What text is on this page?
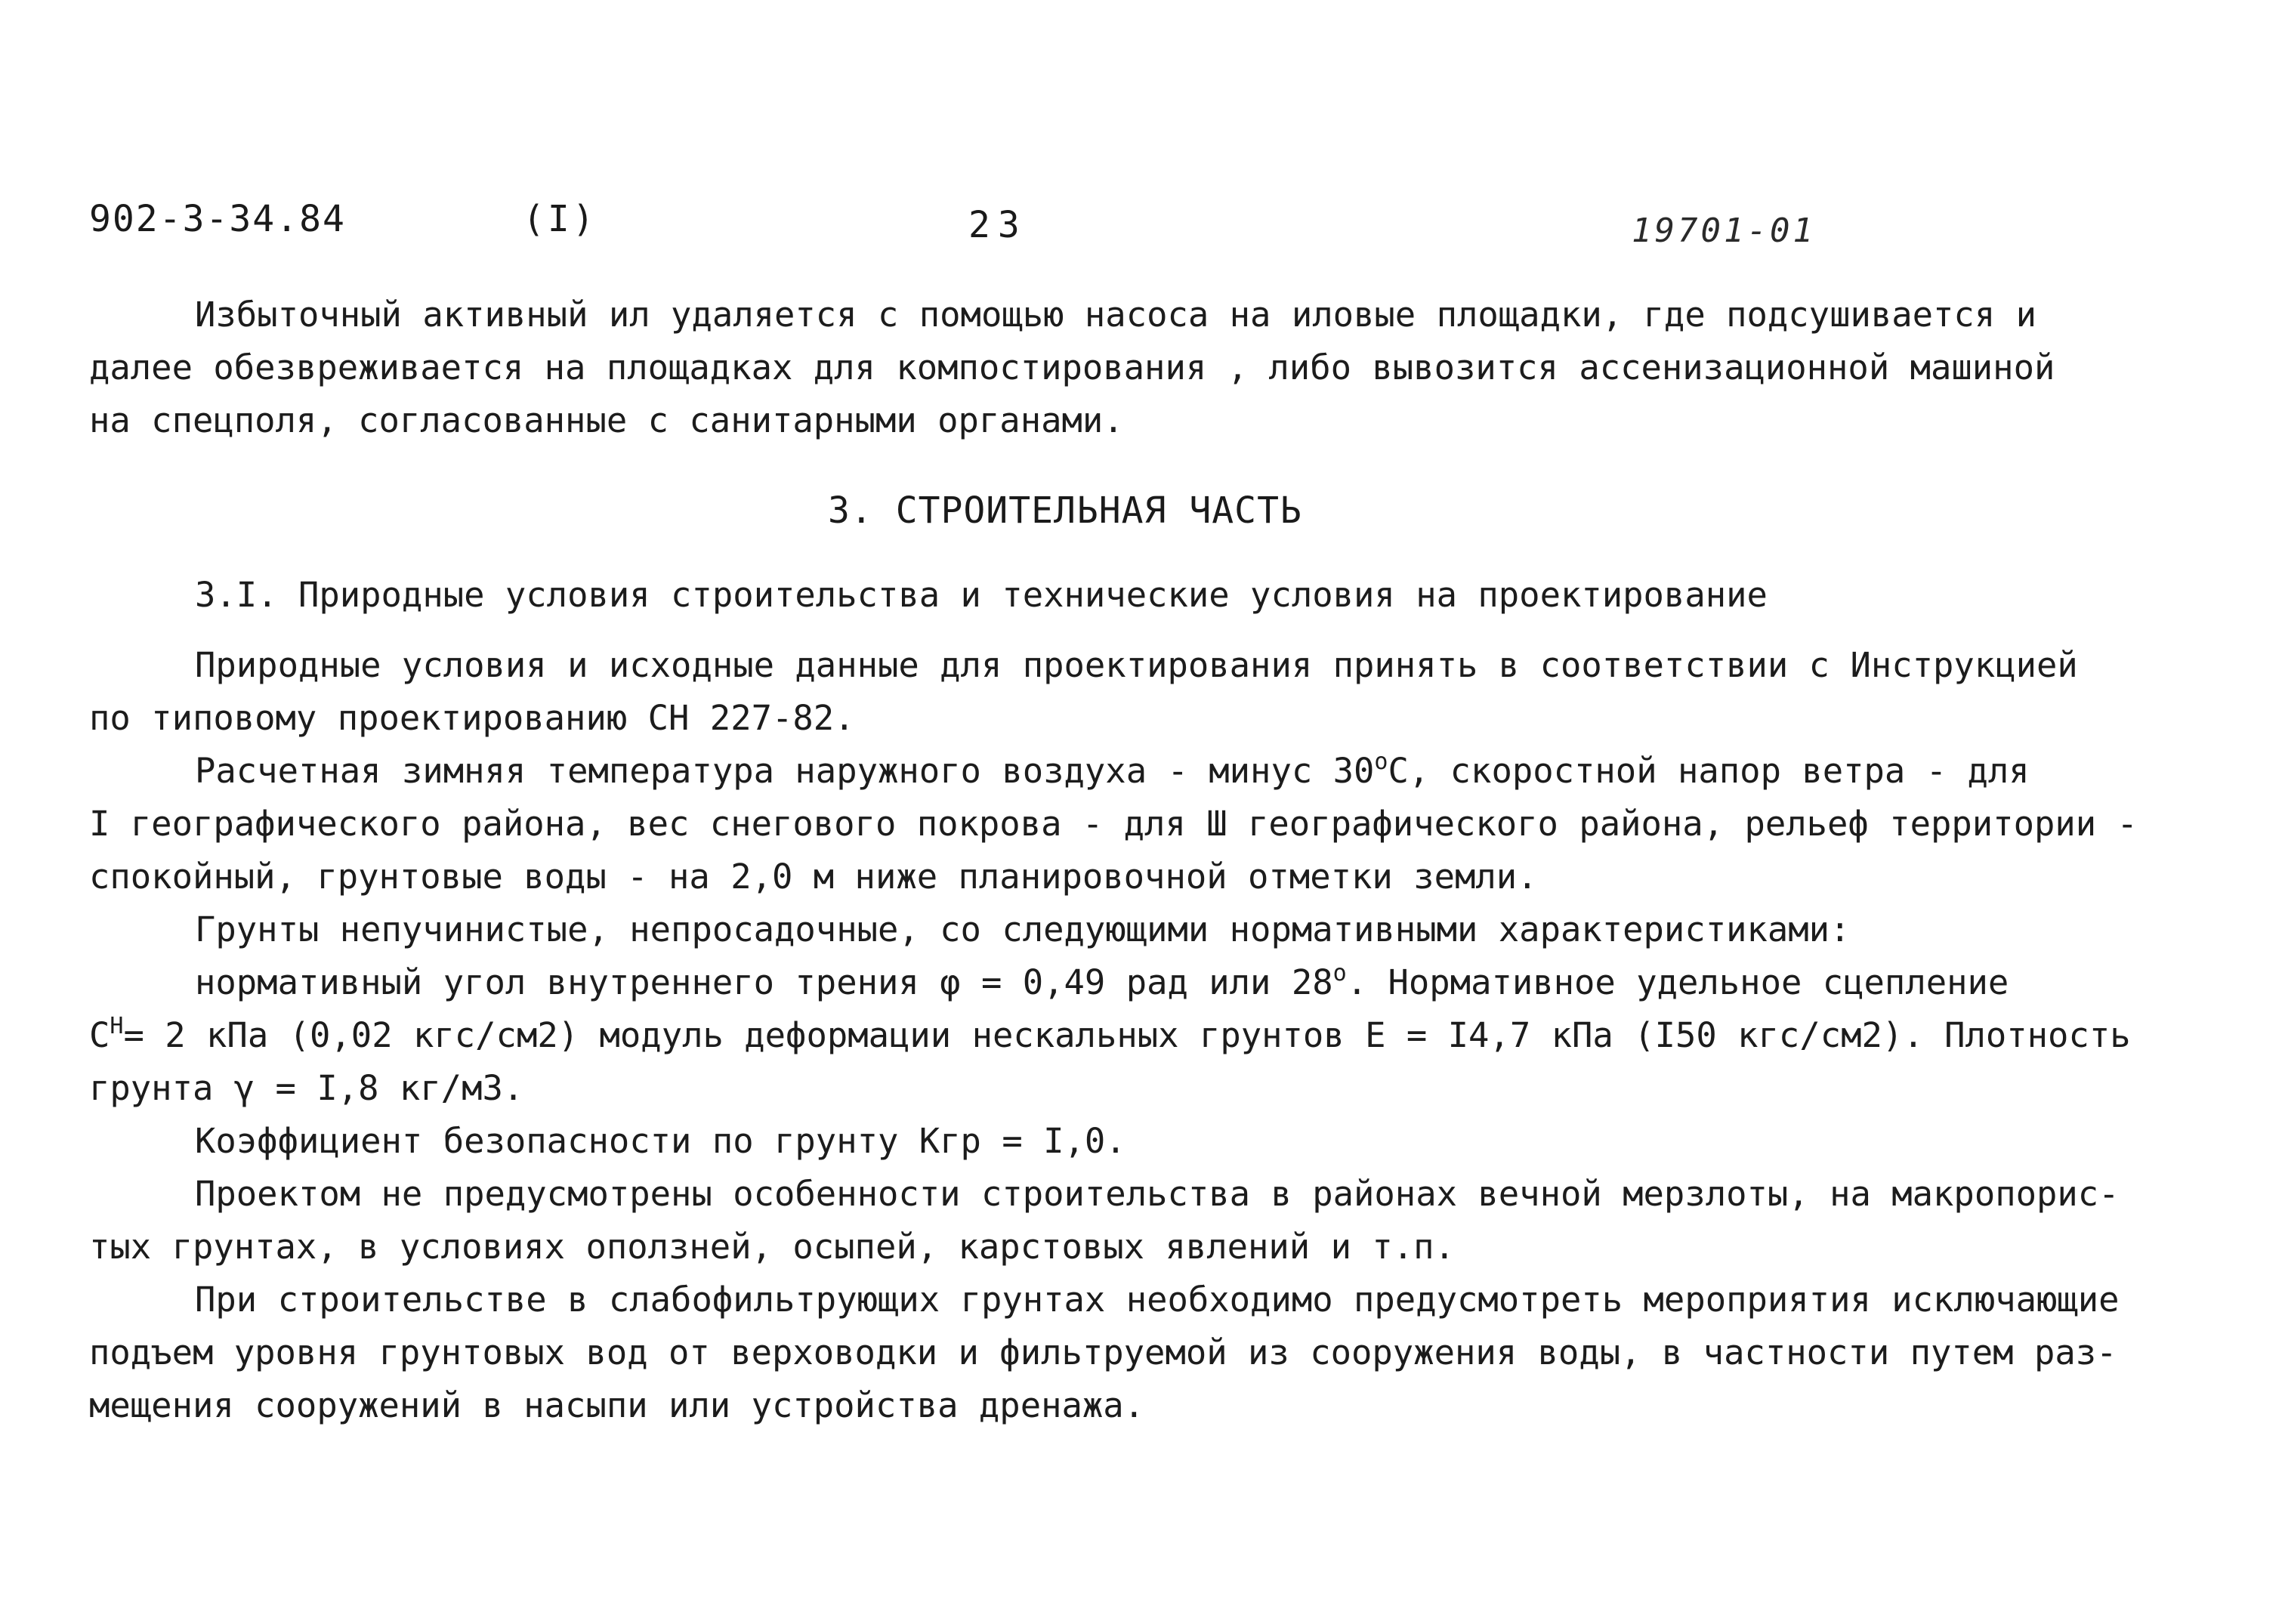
902-3-34.84	(I)	23	19701-01
Избыточный активный ил удаляется с помощью насоса на иловые площадки, где подсушивается и
далее обезвреживается на площадках для компостирования , либо вывозится ассенизационной машиной
на спецполя, согласованные с санитарными органами.
3. СТРОИТЕЛЬНАЯ ЧАСТЬ
3.I. Природные условия строительства и технические условия на проектирование
Природные условия и исходные данные для проектирования принять в соответствии с Инструкцией
по типовому проектированию СН 227-82.
Расчетная зимняя температура наружного воздуха - минус $30^оС$, скоростной напор ветра - для
I географического района, вес снегового покрова - для Ш географического района, рельеф территории -
спокойный, грунтовые воды - на 2,0 м ниже планировочной отметки земли.
Грунты непучинистые, непросадочные, со следующими нормативными характеристиками:
нормативный угол внутреннего трения φ = 0,49 рад или $28^о$. Нормативное удельное сцепление
$С^Н= 2$ кПа (0,02 кгс/см2) модуль деформации нескальных грунтов Е = I4,7 кПа (I50 кгс/см2). Плотность
грунта γ = I,8 кг/м3.
Коэффициент безопасности по грунту Кгр = I,0.
Проектом не предусмотрены особенности строительства в районах вечной мерзлоты, на макропорис-
тых грунтах, в условиях оползней, осыпей, карстовых явлений и т.п.
При строительстве в слабофильтрующих грунтах необходимо предусмотреть мероприятия исключающие
подъем уровня грунтовых вод от верховодки и фильтруемой из сооружения воды, в частности путем раз-
мещения сооружений в насыпи или устройства дренажа.
